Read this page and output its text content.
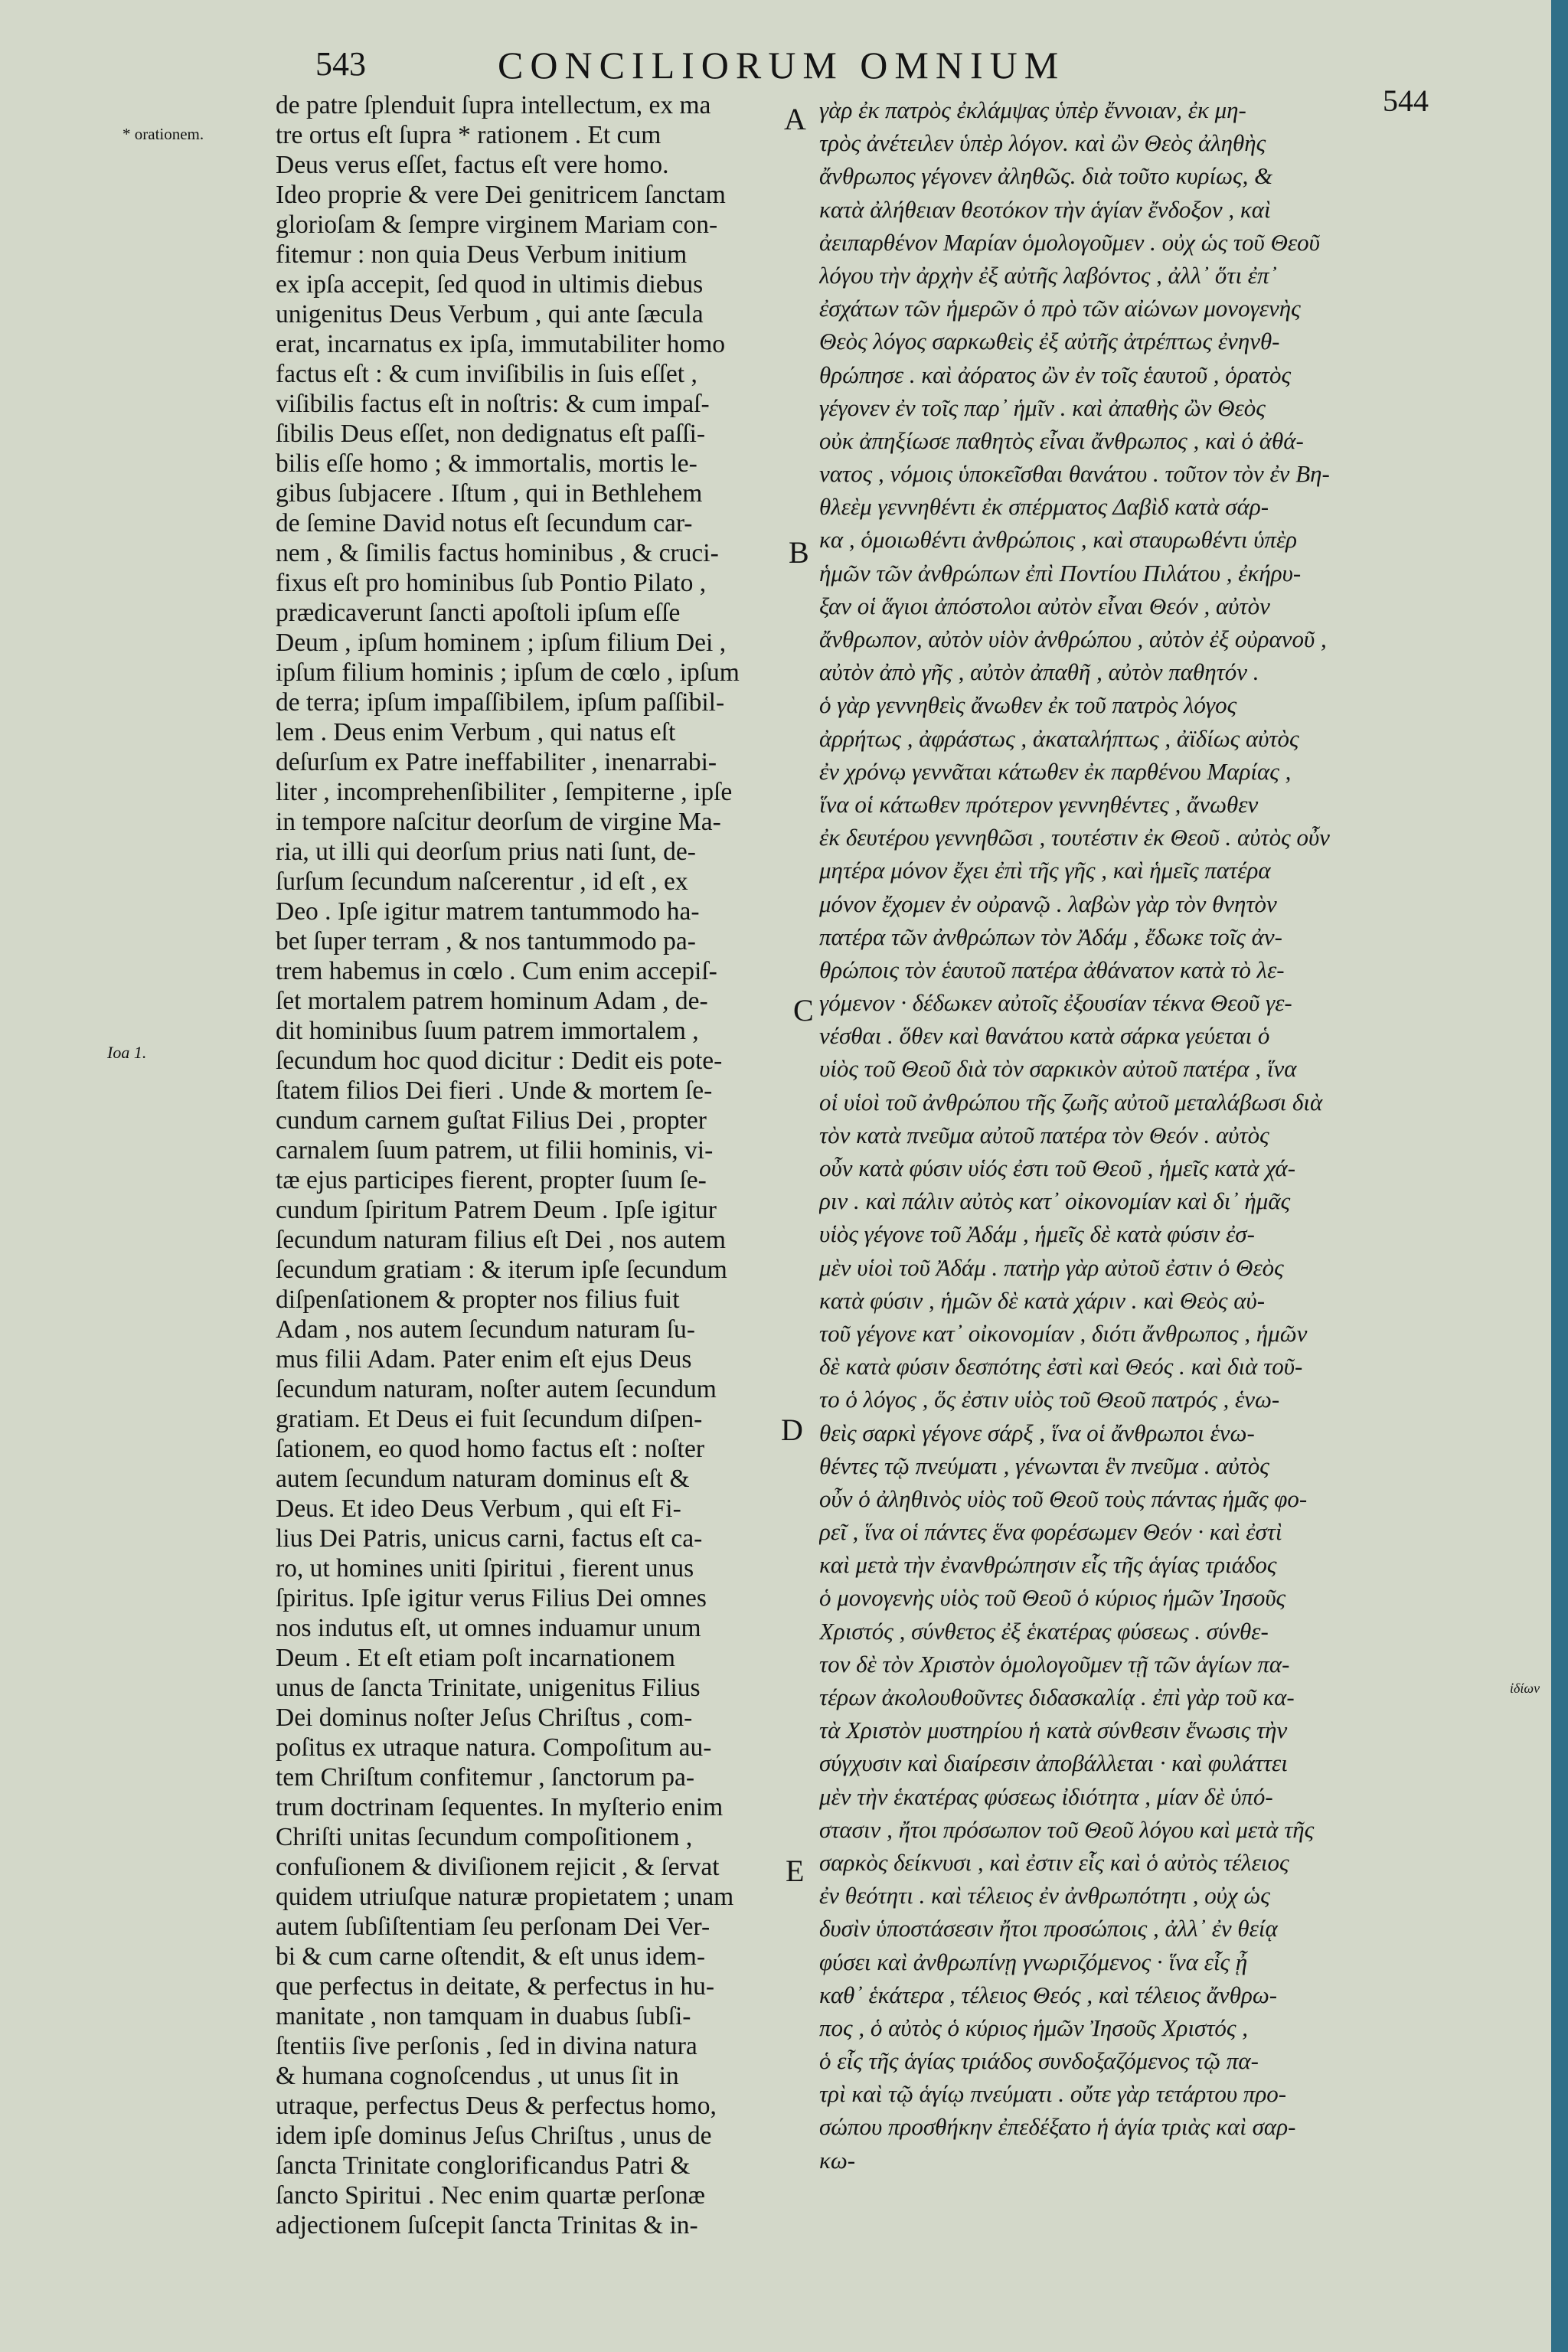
543	CONCILIORUM OMNIUM
544
* orationem.
Ioa 1.
ἰδίων
A
B
C
D
E
de patre ſplenduit ſupra intellectum, ex ma
tre ortus eſt ſupra * rationem . Et cum
Deus verus eſſet, factus eſt vere homo.
Ideo proprie & vere Dei genitricem ſanctam
glorioſam & ſempre virginem Mariam con-
fitemur : non quia Deus Verbum initium
ex ipſa accepit, ſed quod in ultimis diebus
unigenitus Deus Verbum , qui ante ſæcula
erat, incarnatus ex ipſa, immutabiliter homo
factus eſt : & cum inviſibilis in ſuis eſſet ,
viſibilis factus eſt in noſtris: & cum impaſ-
ſibilis Deus eſſet, non dedignatus eſt paſſi-
bilis eſſe homo ; & immortalis, mortis le-
gibus ſubjacere . Iſtum , qui in Bethlehem
de ſemine David notus eſt ſecundum car-
nem , & ſimilis factus hominibus , & cruci-
fixus eſt pro hominibus ſub Pontio Pilato ,
prædicaverunt ſancti apoſtoli ipſum eſſe
Deum , ipſum hominem ; ipſum filium Dei ,
ipſum filium hominis ; ipſum de cœlo , ipſum
de terra; ipſum impaſſibilem, ipſum paſſibil-
lem . Deus enim Verbum , qui natus eſt
deſurſum ex Patre ineffabiliter , inenarrabi-
liter , incomprehenſibiliter , ſempiterne , ipſe
in tempore naſcitur deorſum de virgine Ma-
ria, ut illi qui deorſum prius nati ſunt, de-
ſurſum ſecundum naſcerentur , id eſt , ex
Deo . Ipſe igitur matrem tantummodo ha-
bet ſuper terram , & nos tantummodo pa-
trem habemus in cœlo . Cum enim accepiſ-
ſet mortalem patrem hominum Adam , de-
dit hominibus ſuum patrem immortalem ,
ſecundum hoc quod dicitur : Dedit eis pote-
ſtatem filios Dei fieri . Unde & mortem ſe-
cundum carnem guſtat Filius Dei , propter
carnalem ſuum patrem, ut filii hominis, vi-
tæ ejus participes fierent, propter ſuum ſe-
cundum ſpiritum Patrem Deum . Ipſe igitur
ſecundum naturam filius eſt Dei , nos autem
ſecundum gratiam : & iterum ipſe ſecundum
diſpenſationem & propter nos filius fuit
Adam , nos autem ſecundum naturam ſu-
mus filii Adam. Pater enim eſt ejus Deus
ſecundum naturam, noſter autem ſecundum
gratiam. Et Deus ei fuit ſecundum diſpen-
ſationem, eo quod homo factus eſt : noſter
autem ſecundum naturam dominus eſt &
Deus. Et ideo Deus Verbum , qui eſt Fi-
lius Dei Patris, unicus carni, factus eſt ca-
ro, ut homines uniti ſpiritui , fierent unus
ſpiritus. Ipſe igitur verus Filius Dei omnes
nos indutus eſt, ut omnes induamur unum
Deum . Et eſt etiam poſt incarnationem
unus de ſancta Trinitate, unigenitus Filius
Dei dominus noſter Jeſus Chriſtus , com-
poſitus ex utraque natura. Compoſitum au-
tem Chriſtum confitemur , ſanctorum pa-
trum doctrinam ſequentes. In myſterio enim
Chriſti unitas ſecundum compoſitionem ,
confuſionem & diviſionem rejicit , & ſervat
quidem utriuſque naturæ propietatem ; unam
autem ſubſiſtentiam ſeu perſonam Dei Ver-
bi & cum carne oſtendit, & eſt unus idem-
que perfectus in deitate, & perfectus in hu-
manitate , non tamquam in duabus ſubſi-
ſtentiis ſive perſonis , ſed in divina natura
& humana cognoſcendus , ut unus ſit in
utraque, perfectus Deus & perfectus homo,
idem ipſe dominus Jeſus Chriſtus , unus de
ſancta Trinitate conglorificandus Patri &
ſancto Spiritui . Nec enim quartæ perſonæ
adjectionem ſuſcepit ſancta Trinitas & in-
γὰρ ἐκ πατρὸς ἐκλάμψας ὑπὲρ ἔννοιαν, ἐκ μη-
τρὸς ἀνέτειλεν ὑπὲρ λόγον. καὶ ὢν Θεὸς ἀληθὴς
ἄνθρωπος γέγονεν ἀληθῶς. διὰ τοῦτο κυρίως, &
κατὰ ἀλήθειαν θεοτόκον τὴν ἁγίαν ἔνδοξον , καὶ
ἀειπαρθένον Μαρίαν ὁμολογοῦμεν . οὐχ ὡς τοῦ Θεοῦ
λόγου τὴν ἀρχὴν ἐξ αὐτῆς λαβόντος , ἀλλ᾽ ὅτι ἐπ᾽
ἐσχάτων τῶν ἡμερῶν ὁ πρὸ τῶν αἰώνων μονογενὴς
Θεὸς λόγος σαρκωθεὶς ἐξ αὐτῆς ἀτρέπτως ἐνηνθ-
θρώπησε . καὶ ἀόρατος ὢν ἐν τοῖς ἑαυτοῦ , ὁρατὸς
γέγονεν ἐν τοῖς παρ᾽ ἡμῖν . καὶ ἀπαθὴς ὢν Θεὸς
οὐκ ἀπηξίωσε παθητὸς εἶναι ἄνθρωπος , καὶ ὁ ἀθά-
νατος , νόμοις ὑποκεῖσθαι θανάτου . τοῦτον τὸν ἐν Βη-
θλεὲμ γεννηθέντι ἐκ σπέρματος Δαβὶδ κατὰ σάρ-
κα , ὁμοιωθέντι ἀνθρώποις , καὶ σταυρωθέντι ὑπὲρ
ἡμῶν τῶν ἀνθρώπων ἐπὶ Ποντίου Πιλάτου , ἐκήρυ-
ξαν οἱ ἅγιοι ἀπόστολοι αὐτὸν εἶναι Θεόν , αὐτὸν
ἄνθρωπον, αὐτὸν υἱὸν ἀνθρώπου , αὐτὸν ἐξ οὐρανοῦ ,
αὐτὸν ἀπὸ γῆς , αὐτὸν ἀπαθῆ , αὐτὸν παθητόν .
ὁ γὰρ γεννηθεὶς ἄνωθεν ἐκ τοῦ πατρὸς λόγος
ἀρρήτως , ἀφράστως , ἀκαταλήπτως , ἀϊδίως αὐτὸς
ἐν χρόνῳ γεννᾶται κάτωθεν ἐκ παρθένου Μαρίας ,
ἵνα οἱ κάτωθεν πρότερον γεννηθέντες , ἄνωθεν
ἐκ δευτέρου γεννηθῶσι , τουτέστιν ἐκ Θεοῦ . αὐτὸς οὖν
μητέρα μόνον ἔχει ἐπὶ τῆς γῆς , καὶ ἡμεῖς πατέρα
μόνον ἔχομεν ἐν οὐρανῷ . λαβὼν γὰρ τὸν θνητὸν
πατέρα τῶν ἀνθρώπων τὸν Ἀδάμ , ἔδωκε τοῖς ἀν-
θρώποις τὸν ἑαυτοῦ πατέρα ἀθάνατον κατὰ τὸ λε-
γόμενον · δέδωκεν αὐτοῖς ἐξουσίαν τέκνα Θεοῦ γε-
νέσθαι . ὅθεν καὶ θανάτου κατὰ σάρκα γεύεται ὁ
υἱὸς τοῦ Θεοῦ διὰ τὸν σαρκικὸν αὐτοῦ πατέρα , ἵνα
οἱ υἱοὶ τοῦ ἀνθρώπου τῆς ζωῆς αὐτοῦ μεταλάβωσι διὰ
τὸν κατὰ πνεῦμα αὐτοῦ πατέρα τὸν Θεόν . αὐτὸς
οὖν κατὰ φύσιν υἱός ἐστι τοῦ Θεοῦ , ἡμεῖς κατὰ χά-
ριν . καὶ πάλιν αὐτὸς κατ᾽ οἰκονομίαν καὶ δι᾽ ἡμᾶς
υἱὸς γέγονε τοῦ Ἀδάμ , ἡμεῖς δὲ κατὰ φύσιν ἐσ-
μὲν υἱοὶ τοῦ Ἀδάμ . πατὴρ γὰρ αὐτοῦ ἐστιν ὁ Θεὸς
κατὰ φύσιν , ἡμῶν δὲ κατὰ χάριν . καὶ Θεὸς αὐ-
τοῦ γέγονε κατ᾽ οἰκονομίαν , διότι ἄνθρωπος , ἡμῶν
δὲ κατὰ φύσιν δεσπότης ἐστὶ καὶ Θεός . καὶ διὰ τοῦ-
το ὁ λόγος , ὅς ἐστιν υἱὸς τοῦ Θεοῦ πατρός , ἑνω-
θεὶς σαρκὶ γέγονε σάρξ , ἵνα οἱ ἄνθρωποι ἑνω-
θέντες τῷ πνεύματι , γένωνται ἓν πνεῦμα . αὐτὸς
οὖν ὁ ἀληθινὸς υἱὸς τοῦ Θεοῦ τοὺς πάντας ἡμᾶς φο-
ρεῖ , ἵνα οἱ πάντες ἕνα φορέσωμεν Θεόν · καὶ ἐστὶ
καὶ μετὰ τὴν ἐνανθρώπησιν εἷς τῆς ἁγίας τριάδος
ὁ μονογενὴς υἱὸς τοῦ Θεοῦ ὁ κύριος ἡμῶν Ἰησοῦς
Χριστός , σύνθετος ἐξ ἑκατέρας φύσεως . σύνθε-
τον δὲ τὸν Χριστὸν ὁμολογοῦμεν τῇ τῶν ἁγίων πα-
τέρων ἀκολουθοῦντες διδασκαλίᾳ . ἐπὶ γὰρ τοῦ κα-
τὰ Χριστὸν μυστηρίου ἡ κατὰ σύνθεσιν ἕνωσις τὴν
σύγχυσιν καὶ διαίρεσιν ἀποβάλλεται · καὶ φυλάττει
μὲν τὴν ἑκατέρας φύσεως ἰδιότητα , μίαν δὲ ὑπό-
στασιν , ἤτοι πρόσωπον τοῦ Θεοῦ λόγου καὶ μετὰ τῆς
σαρκὸς δείκνυσι , καὶ ἐστιν εἷς καὶ ὁ αὐτὸς τέλειος
ἐν θεότητι . καὶ τέλειος ἐν ἀνθρωπότητι , οὐχ ὡς
δυσὶν ὑποστάσεσιν ἤτοι προσώποις , ἀλλ᾽ ἐν θείᾳ
φύσει καὶ ἀνθρωπίνῃ γνωριζόμενος · ἵνα εἷς ᾖ
καθ᾽ ἑκάτερα , τέλειος Θεός , καὶ τέλειος ἄνθρω-
πος , ὁ αὐτὸς ὁ κύριος ἡμῶν Ἰησοῦς Χριστός ,
ὁ εἷς τῆς ἁγίας τριάδος συνδοξαζόμενος τῷ πα-
τρὶ καὶ τῷ ἁγίῳ πνεύματι . οὔτε γὰρ τετάρτου προ-
σώπου προσθήκην ἐπεδέξατο ἡ ἁγία τριὰς καὶ σαρ-
κω-
